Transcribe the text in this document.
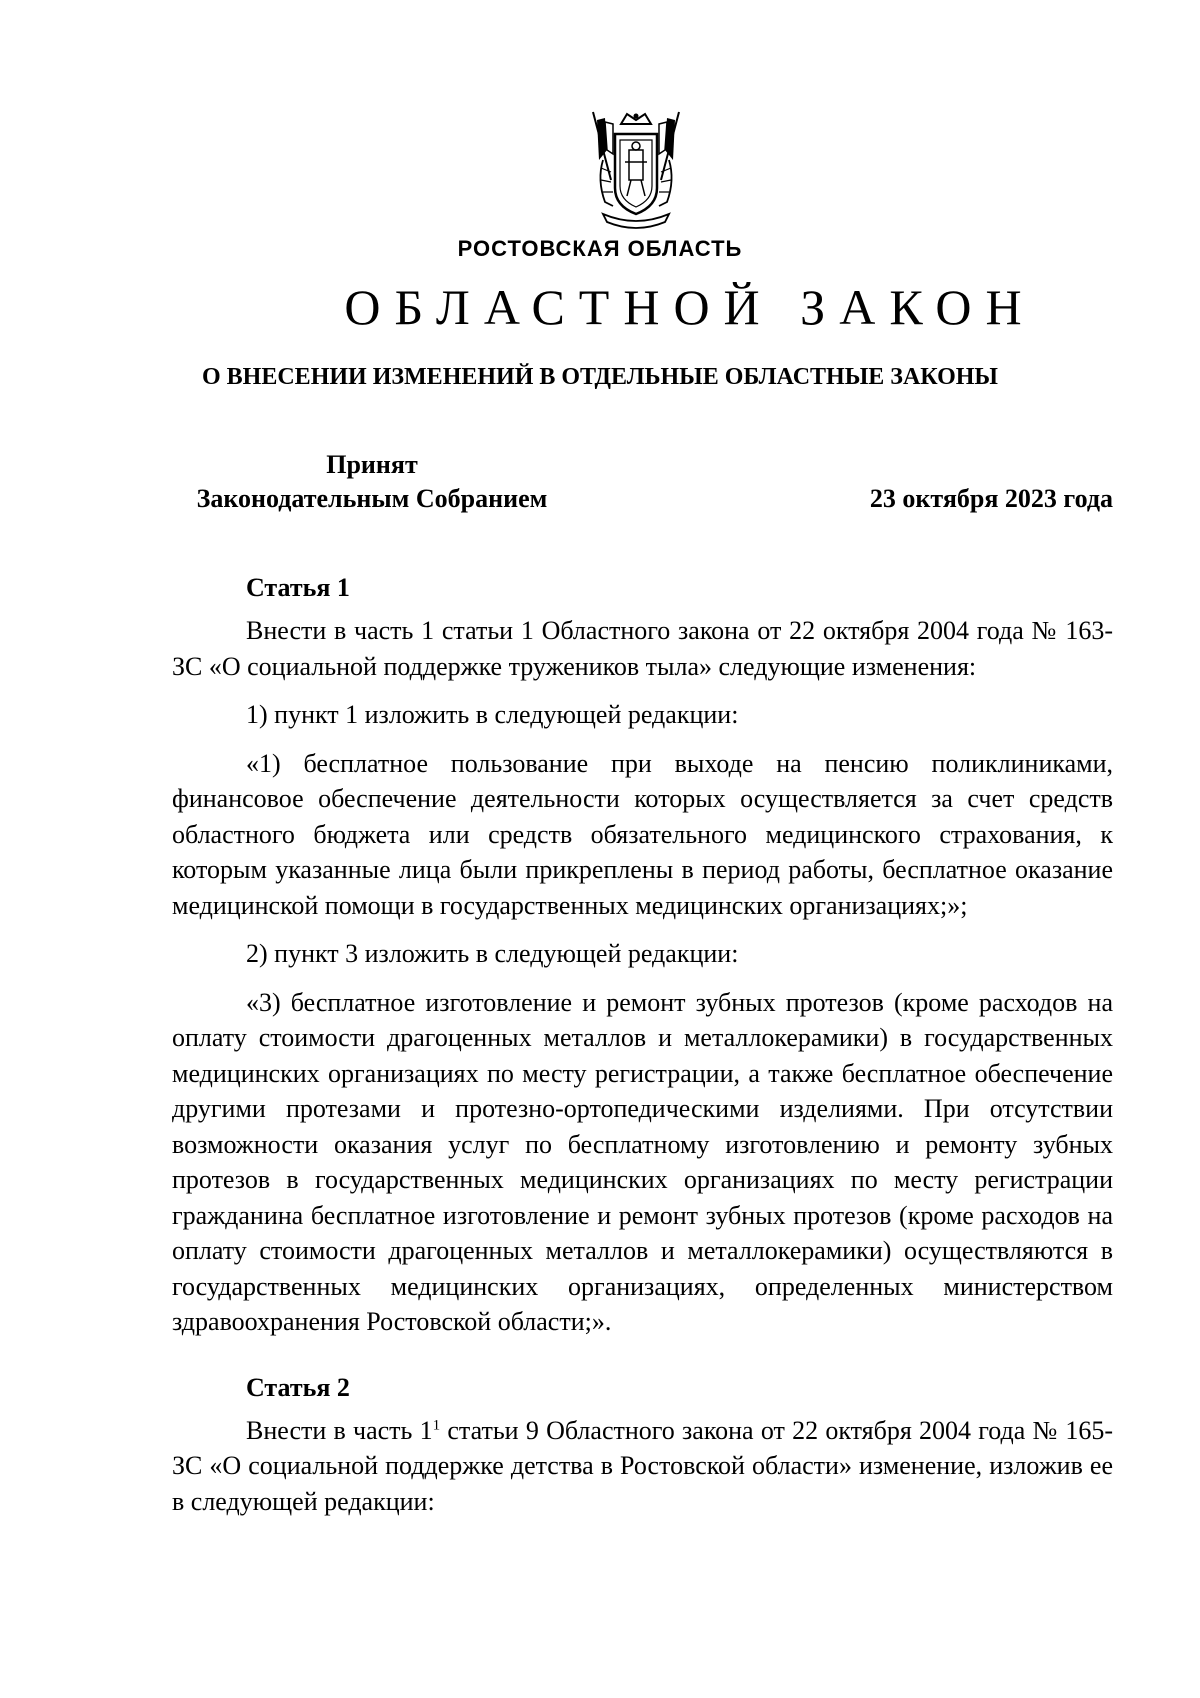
РОСТОВСКАЯ ОБЛАСТЬ
ОБЛАСТНОЙ ЗАКОН
О ВНЕСЕНИИ ИЗМЕНЕНИЙ В ОТДЕЛЬНЫЕ ОБЛАСТНЫЕ ЗАКОНЫ
Принят
Законодательным Собранием	23 октября 2023 года
Статья 1

Внести в часть 1 статьи 1 Областного закона от 22 октября 2004 года № 163-ЗС «О социальной поддержке тружеников тыла» следующие изменения:

1) пункт 1 изложить в следующей редакции:

«1) бесплатное пользование при выходе на пенсию поликлиниками, финансовое обеспечение деятельности которых осуществляется за счет средств областного бюджета или средств обязательного медицинского страхования, к которым указанные лица были прикреплены в период работы, бесплатное оказание медицинской помощи в государственных медицинских организациях;»;

2) пункт 3 изложить в следующей редакции:

«3) бесплатное изготовление и ремонт зубных протезов (кроме расходов на оплату стоимости драгоценных металлов и металлокерамики) в государственных медицинских организациях по месту регистрации, а также бесплатное обеспечение другими протезами и протезно-ортопедическими изделиями. При отсутствии возможности оказания услуг по бесплатному изготовлению и ремонту зубных протезов в государственных медицинских организациях по месту регистрации гражданина бесплатное изготовление и ремонт зубных протезов (кроме расходов на оплату стоимости драгоценных металлов и металлокерамики) осуществляются в государственных медицинских организациях, определенных министерством здравоохранения Ростовской области;».

Статья 2

Внести в часть $1^1$ статьи 9 Областного закона от 22 октября 2004 года № 165-ЗС «О социальной поддержке детства в Ростовской области» изменение, изложив ее в следующей редакции:
